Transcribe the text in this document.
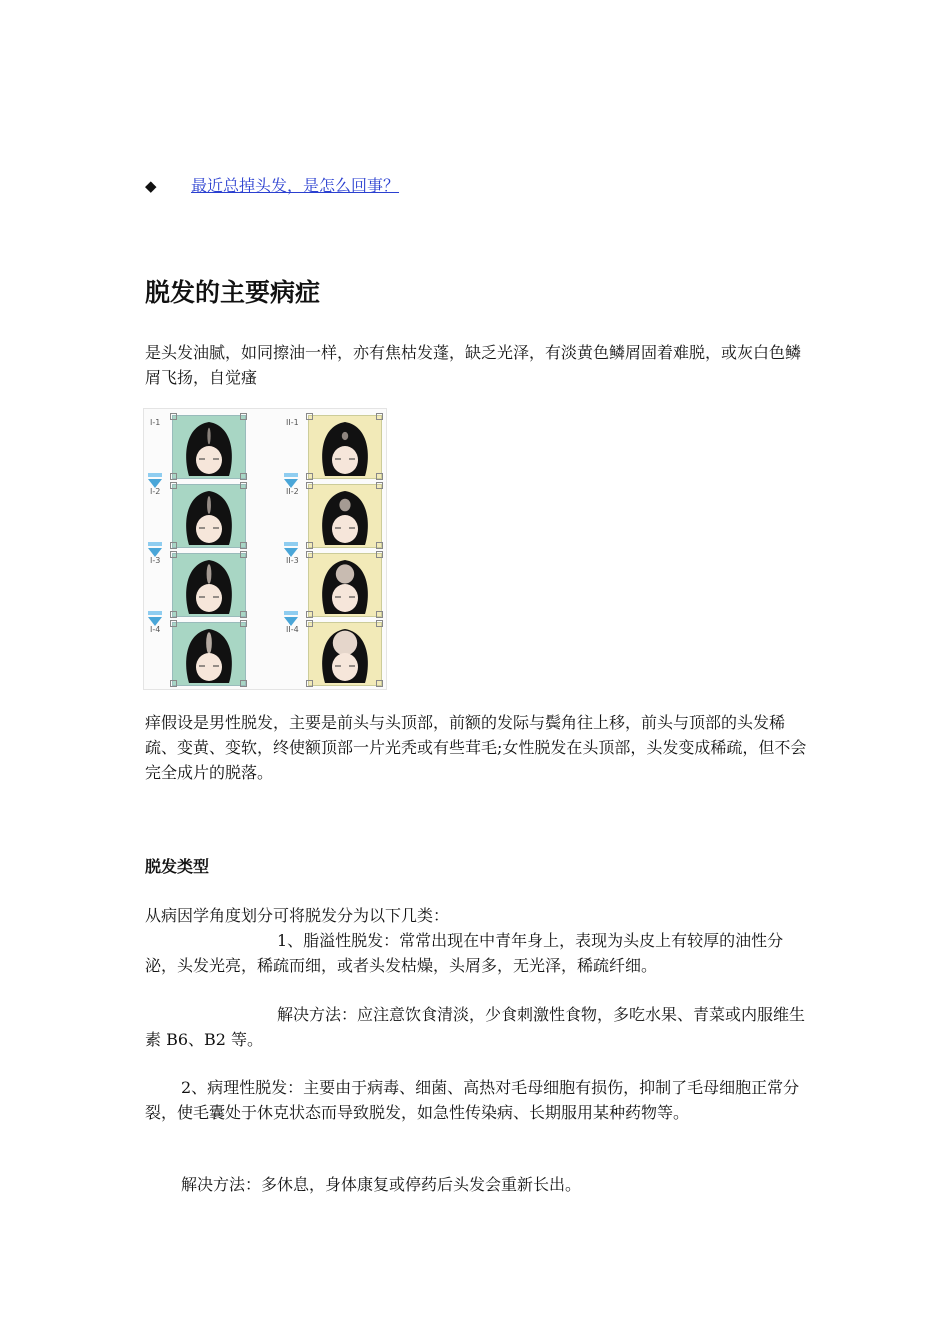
◆ 最近总掉头发，是怎么回事？
脱发的主要病症

是头发油腻，如同擦油一样，亦有焦枯发蓬，缺乏光泽，有淡黄色鳞屑固着难脱，或灰白色鳞屑飞扬，自觉瘙

I-1
I-2
I-3
I-4
II-1
II-2
II-3
II-4

痒假设是男性脱发，主要是前头与头顶部，前额的发际与鬓角往上移，前头与顶部的头发稀疏、变黄、变软，终使额顶部一片光秃或有些茸毛;女性脱发在头顶部，头发变成稀疏，但不会完全成片的脱落。

脱发类型

从病因学角度划分可将脱发分为以下几类：

1、脂溢性脱发：常常出现在中青年身上，表现为头皮上有较厚的油性分泌，头发光亮，稀疏而细，或者头发枯燥，头屑多，无光泽，稀疏纤细。

解决方法：应注意饮食清淡，少食刺激性食物，多吃水果、青菜或内服维生素 B6、B2 等。

2、病理性脱发：主要由于病毒、细菌、高热对毛母细胞有损伤，抑制了毛母细胞正常分裂，使毛囊处于休克状态而导致脱发，如急性传染病、长期服用某种药物等。

解决方法：多休息，身体康复或停药后头发会重新长出。
